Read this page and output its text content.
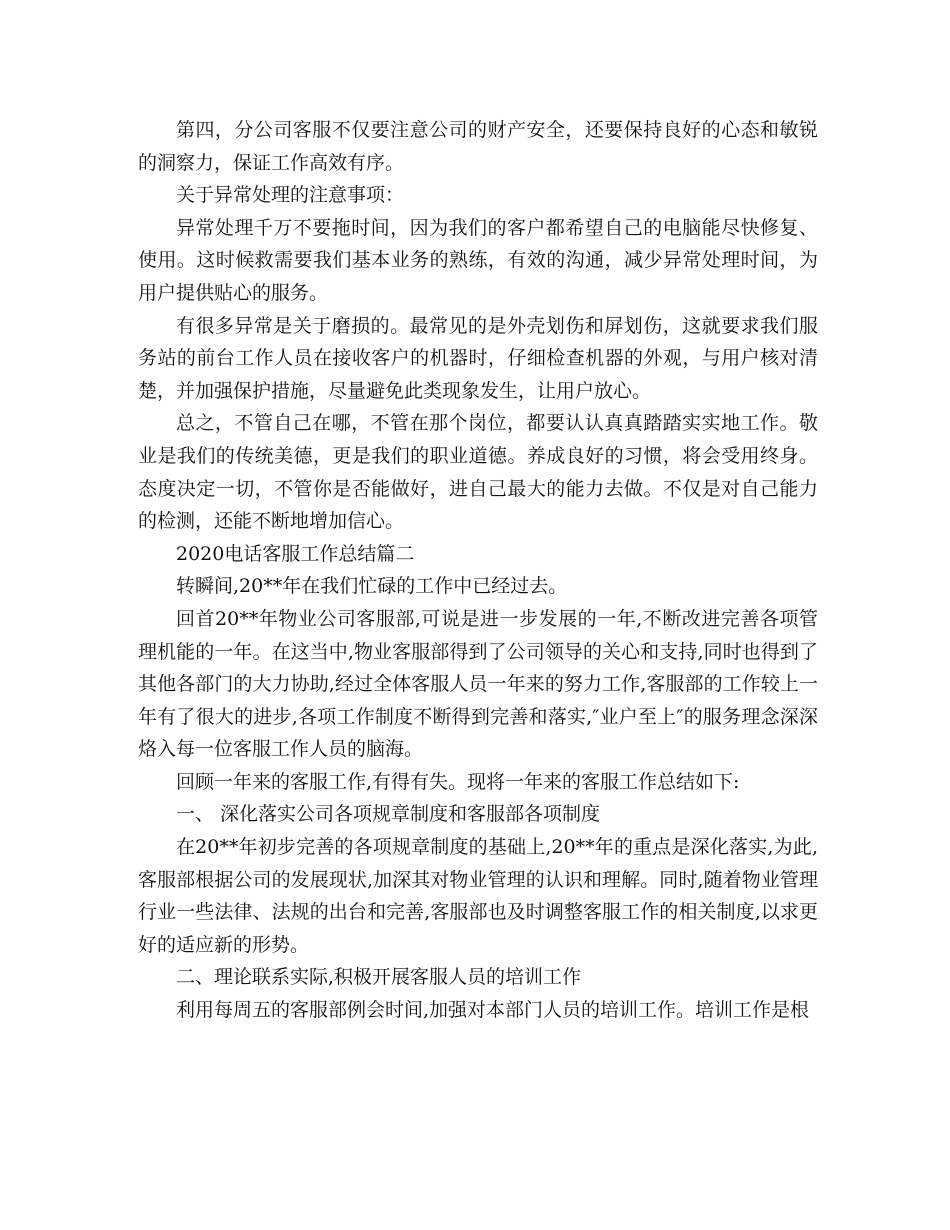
第四，分公司客服不仅要注意公司的财产安全，还要保持良好的心态和敏锐的洞察力，保证工作高效有序。

关于异常处理的注意事项：

异常处理千万不要拖时间，因为我们的客户都希望自己的电脑能尽快修复、使用。这时候救需要我们基本业务的熟练，有效的沟通，减少异常处理时间，为用户提供贴心的服务。

有很多异常是关于磨损的。最常见的是外壳划伤和屏划伤，这就要求我们服务站的前台工作人员在接收客户的机器时，仔细检查机器的外观，与用户核对清楚，并加强保护措施，尽量避免此类现象发生，让用户放心。

总之，不管自己在哪，不管在那个岗位，都要认认真真踏踏实实地工作。敬业是我们的传统美德，更是我们的职业道德。养成良好的习惯，将会受用终身。态度决定一切，不管你是否能做好，进自己最大的能力去做。不仅是对自己能力的检测，还能不断地增加信心。

2020电话客服工作总结篇二

转瞬间,20**年在我们忙碌的工作中已经过去。

回首20**年物业公司客服部,可说是进一步发展的一年,不断改进完善各项管理机能的一年。在这当中,物业客服部得到了公司领导的关心和支持,同时也得到了其他各部门的大力协助,经过全体客服人员一年来的努力工作,客服部的工作较上一年有了很大的进步,各项工作制度不断得到完善和落实,″业户至上″的服务理念深深烙入每一位客服工作人员的脑海。

回顾一年来的客服工作,有得有失。现将一年来的客服工作总结如下:

一、 深化落实公司各项规章制度和客服部各项制度

在20**年初步完善的各项规章制度的基础上,20**年的重点是深化落实,为此,客服部根据公司的发展现状,加深其对物业管理的认识和理解。同时,随着物业管理行业一些法律、法规的出台和完善,客服部也及时调整客服工作的相关制度,以求更好的适应新的形势。

二、理论联系实际,积极开展客服人员的培训工作

利用每周五的客服部例会时间,加强对本部门人员的培训工作。培训工作是根
